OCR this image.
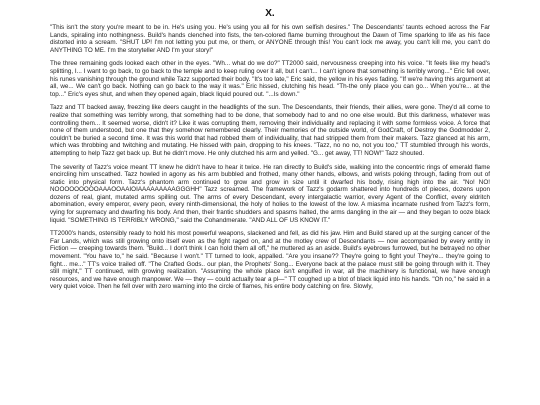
X.

"This isn't the story you're meant to be in. He's using you. He's using you all for his own selfish desires." The Descendants' taunts echoed across the Far Lands, spiraling into nothingness. Build's hands clenched into fists, the ten-colored flame burning throughout the Dawn of Time sparking to life as his face distorted into a scream. "SHUT UP! I'm not letting you put me, or them, or ANYONE through this! You can't lock me away, you can't kill me, you can't do ANYTHING TO ME. I'm the storyteller AND I'm your story!"

The three remaining gods looked each other in the eyes. "Wh... what do we do?" TT2000 said, nervousness creeping into his voice. "It feels like my head's splitting, I... I want to go back, to go back to the temple and to keep ruling over it all, but I can't... I can't ignore that something is terribly wrong..." Eric fell over, his runes vanishing through the ground while Tazz supported their body. "It's too late," Eric said, the yellow in his eyes fading. "If we're having this argument at all, we... We can't go back. Nothing can go back to the way it was." Eric hissed, clutching his head. "Th-the only place you can go... When you're... at the top..." Eric's eyes shut, and when they opened again, black liquid poured out. "...Is down."

Tazz and TT backed away, freezing like deers caught in the headlights of the sun. The Descendants, their friends, their allies, were gone. They'd all come to realize that something was terribly wrong, that something had to be done, that somebody had to and no one else would. But this darkness, whatever was controlling them... It seemed worse, didn't it? Like it was corrupting them, removing their individuality and replacing it with some formless voice. A force that none of them understood, but one that they somehow remembered clearly. Their memories of the outside world, of GodCraft, of Destroy the Godmodder 2, couldn't be buried a second time. It was this world that had robbed them of individuality, that had stripped them from their makers. Tazz glanced at his arm, which was throbbing and twitching and mutating. He hissed with pain, dropping to his knees. "Tazz, no no no, not you too," TT stumbled through his words, attempting to help Tazz get back up. But he didn't move. He only clutched his arm and yelled. "G... get away, TT! NOW!" Tazz shouted.

The severity of Tazz's voice meant TT knew he didn't have to hear it twice. He ran directly to Build's side, walking into the concentric rings of emerald flame encircling him unscathed. Tazz howled in agony as his arm bubbled and frothed, many other hands, elbows, and wrists poking through, fading from out of static into physical form. Tazz's phantom arm continued to grow and grow in size until it dwarfed his body, rising high into the air. "No! NO! NOOOOOOOOOAAAOOAAIOIAAAAAAAAAGGGHH" Tazz screamed. The framework of Tazz's godarm shattered into hundreds of pieces, dozens upon dozens of real, giant, mutated arms spilling out. The arms of every Descendant, every intergalactic warrior, every Agent of the Conflict, every eldritch abomination, every emperor, every peon, every ninth-dimensional, the holy of holies to the lowest of the low. A miasma incarnate rushed from Tazz's form, vying for supremacy and dwarfing his body. And then, their frantic shudders and spasms halted, the arms dangling in the air — and they began to ooze black liquid. "SOMETHING IS TERRIBLY WRONG," said the Cohandmerate. "AND ALL OF US KNOW IT."

TT2000's hands, ostensibly ready to hold his most powerful weapons, slackened and fell, as did his jaw. Him and Build stared up at the surging cancer of the Far Lands, which was still growing onto itself even as the fight raged on, and at the motley crew of Descendants — now accompanied by every entity in Fiction — creeping towards them. "Build... I don't think I can hold them all off," he muttered as an aside. Build's eyebrows furrowed, but he betrayed no other movement. "You have to," he said. "Because I won't." TT turned to look, appalled. "Are you insane?? They're going to fight you! They're... they're going to fight... me..." TT's voice trailed off. "The Crafted Gods.. our plan, the Prophets' Song... Everyone back at the palace must still be going through with it. They still might," TT continued, with growing realization. "Assuming the whole place isn't engulfed in war, all the machinery is functional, we have enough resources, and we have enough manpower. We — they — could actually tear a pl—" TT coughed up a blot of black liquid into his hands. "Oh no," he said in a very quiet voice. Then he fell over with zero warning into the circle of flames, his entire body catching on fire. Slowly,
